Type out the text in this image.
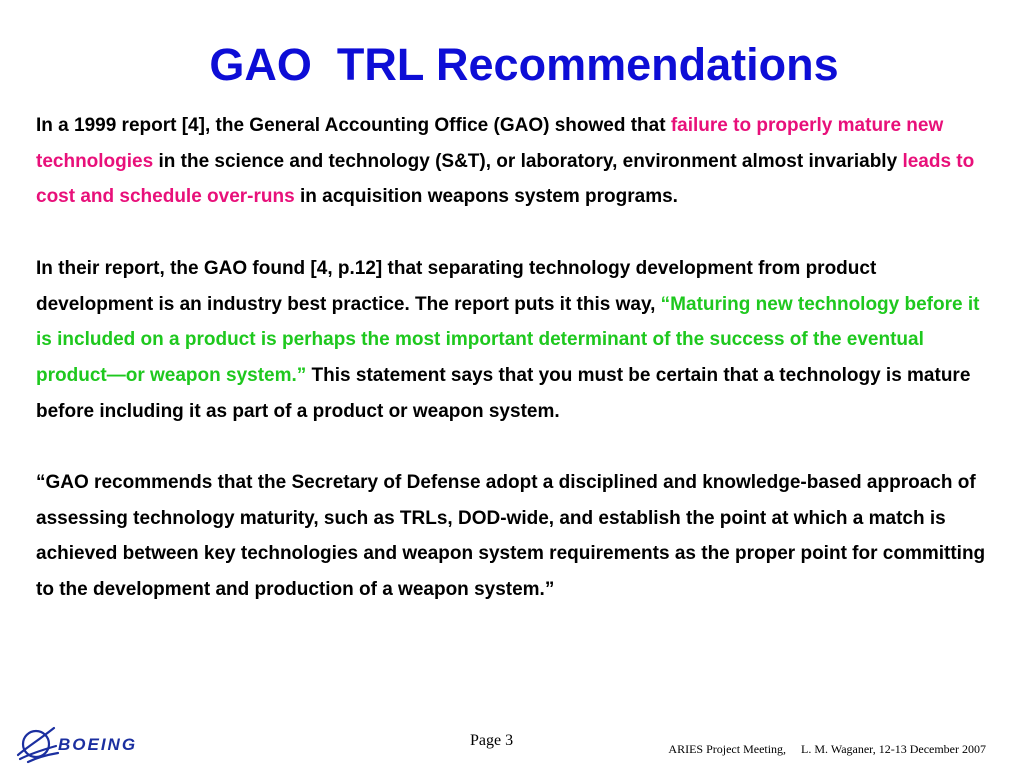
GAO  TRL Recommendations

In a 1999 report [4], the General Accounting Office (GAO) showed that failure to properly mature new technologies in the science and technology (S&T), or laboratory, environment almost invariably leads to cost and schedule over-runs in acquisition weapons system programs.

In their report, the GAO found [4, p.12] that separating technology development from product development is an industry best practice. The report puts it this way, “Maturing new technology before it is included on a product is perhaps the most important determinant of the success of the eventual product—or weapon system.” This statement says that you must be certain that a technology is mature before including it as part of a product or weapon system.

“GAO recommends that the Secretary of Defense adopt a disciplined and knowledge-based approach of assessing technology maturity, such as TRLs, DOD-wide, and establish the point at which a match is achieved between key technologies and weapon system requirements as the proper point for committing to the development and production of a weapon system.”

BOEING	Page 3	ARIES Project Meeting,     L. M. Waganer, 12-13 December 2007
